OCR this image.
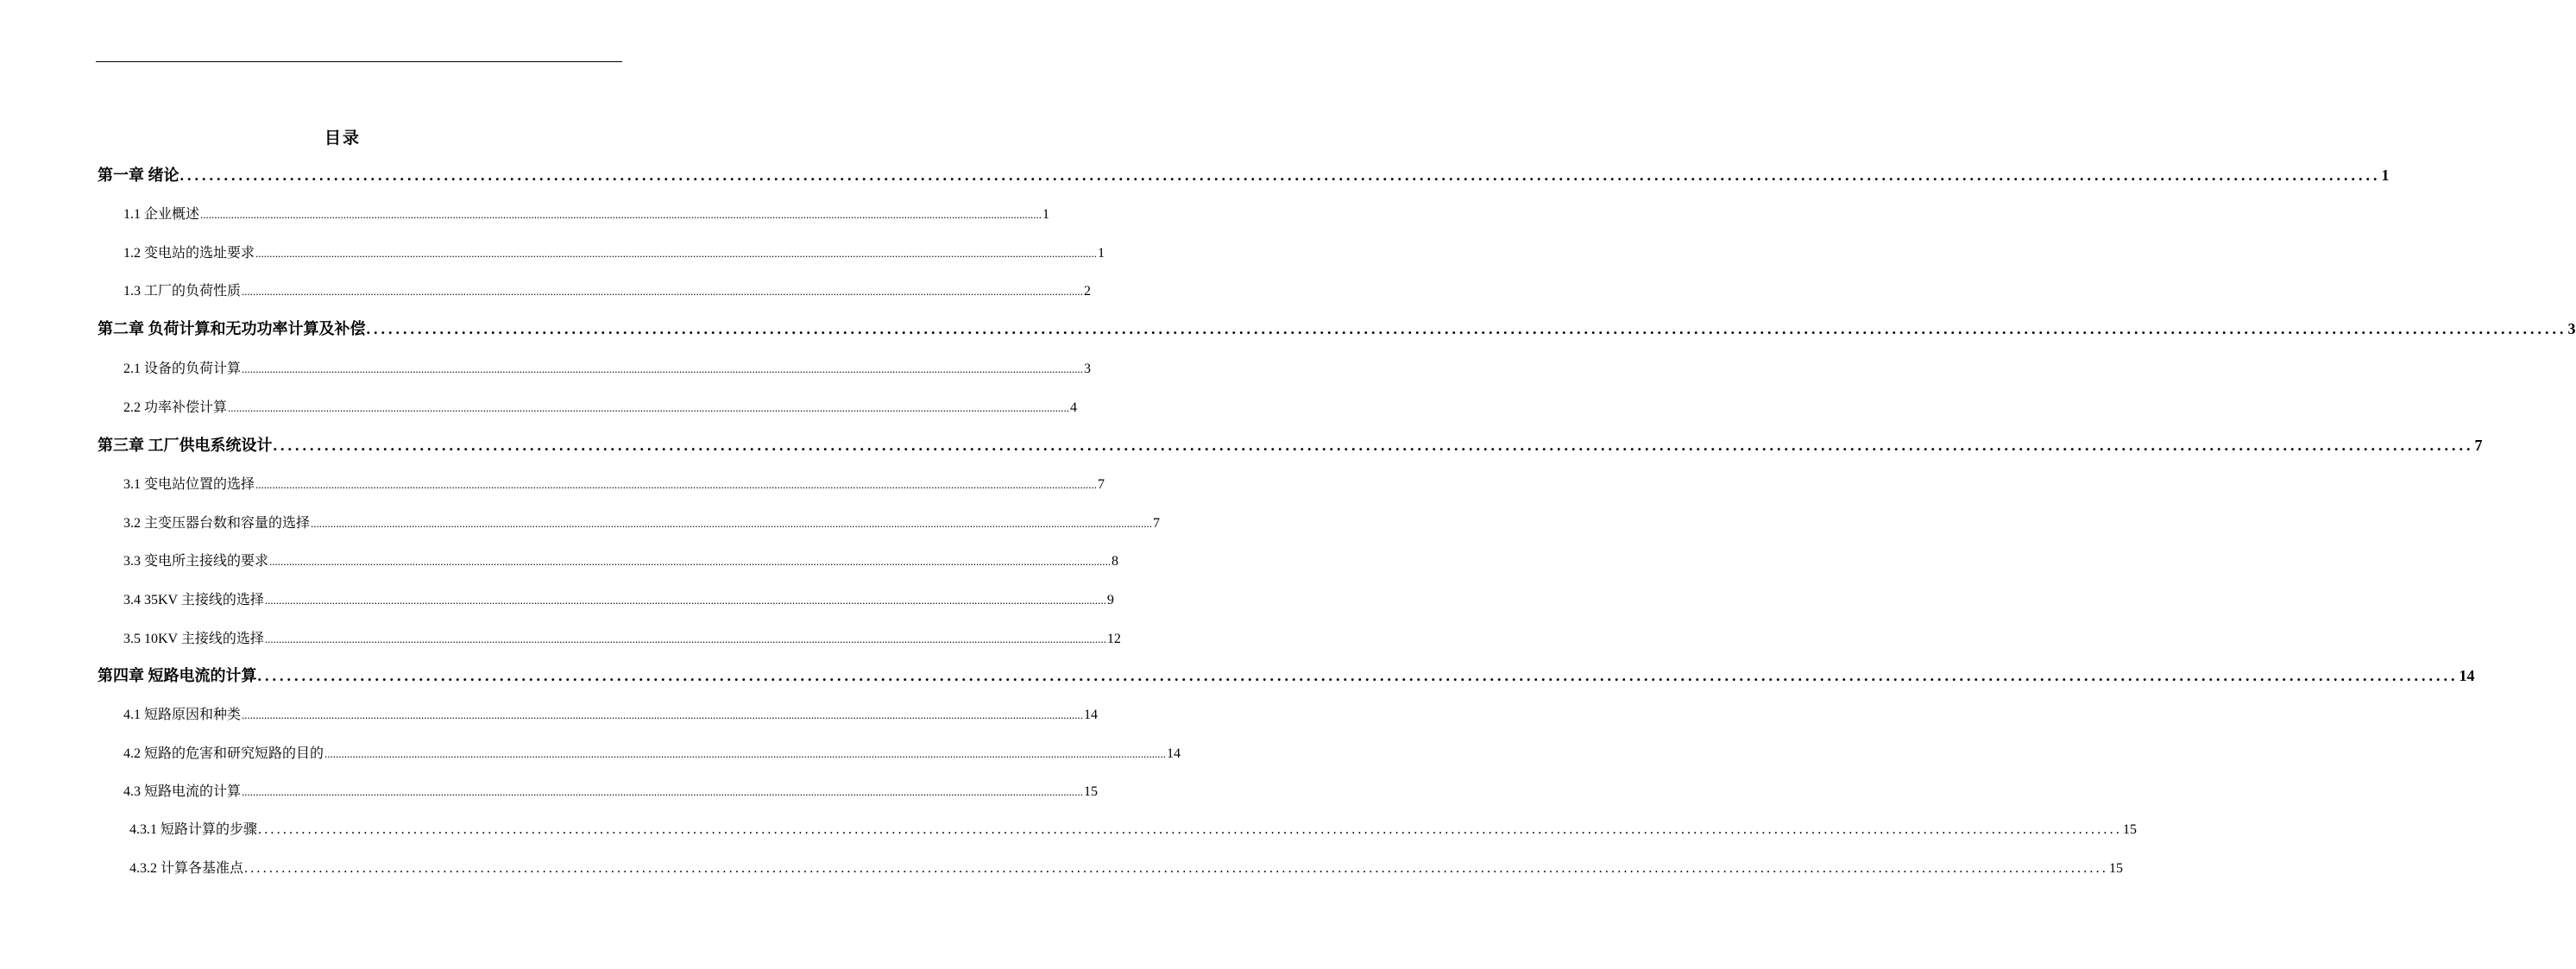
目录
第一章 绪论 ............................................................................................................................................................................................................................................................................................................ 1
1.1 企业概述 ............................................................................................................................................................................................................................................................................................................ 1
1.2 变电站的选址要求 ............................................................................................................................................................................................................................................................................................................ 1
1.3 工厂的负荷性质 ............................................................................................................................................................................................................................................................................................................ 2
第二章 负荷计算和无功功率计算及补偿 ............................................................................................................................................................................................................................................................................................................ 3
2.1 设备的负荷计算 ............................................................................................................................................................................................................................................................................................................ 3
2.2 功率补偿计算 ............................................................................................................................................................................................................................................................................................................ 4
第三章 工厂供电系统设计 ............................................................................................................................................................................................................................................................................................................ 7
3.1 变电站位置的选择 ............................................................................................................................................................................................................................................................................................................ 7
3.2 主变压器台数和容量的选择 ............................................................................................................................................................................................................................................................................................................ 7
3.3 变电所主接线的要求 ............................................................................................................................................................................................................................................................................................................ 8
3.4 35KV 主接线的选择 ............................................................................................................................................................................................................................................................................................................ 9
3.5 10KV 主接线的选择 ............................................................................................................................................................................................................................................................................................................ 12
第四章 短路电流的计算 ............................................................................................................................................................................................................................................................................................................ 14
4.1 短路原因和种类 ............................................................................................................................................................................................................................................................................................................ 14
4.2 短路的危害和研究短路的目的 ............................................................................................................................................................................................................................................................................................................ 14
4.3 短路电流的计算 ............................................................................................................................................................................................................................................................................................................ 15
4.3.1 短路计算的步骤 ............................................................................................................................................................................................................................................................................................................ 15
4.3.2 计算各基准点 ............................................................................................................................................................................................................................................................................................................ 15
